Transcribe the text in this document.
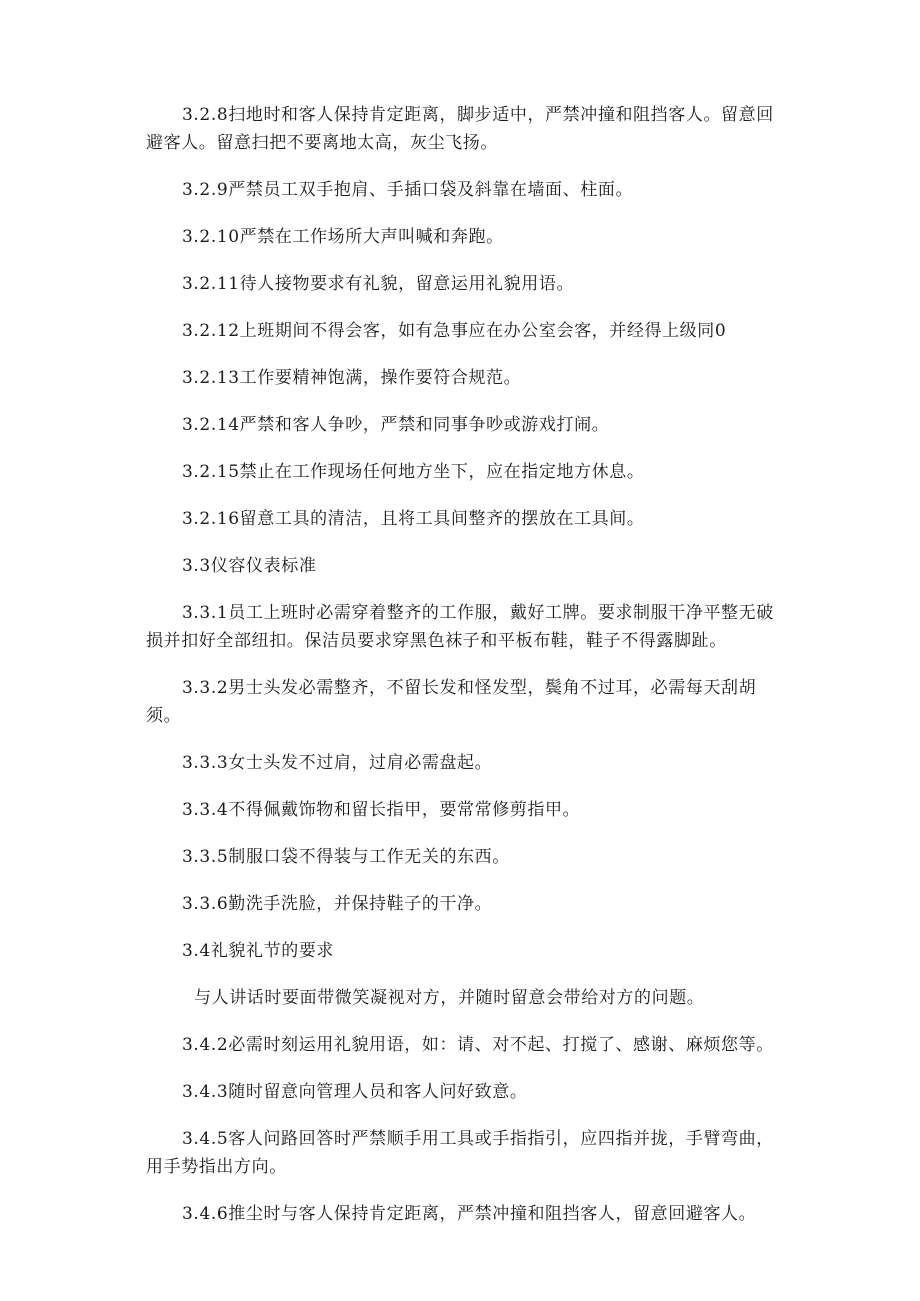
3.2.8扫地时和客人保持肯定距离，脚步适中，严禁冲撞和阻挡客人。留意回避客人。留意扫把不要离地太高，灰尘飞扬。

3.2.9严禁员工双手抱肩、手插口袋及斜靠在墙面、柱面。

3.2.10严禁在工作场所大声叫喊和奔跑。

3.2.11待人接物要求有礼貌，留意运用礼貌用语。

3.2.12上班期间不得会客，如有急事应在办公室会客，并经得上级同0

3.2.13工作要精神饱满，操作要符合规范。

3.2.14严禁和客人争吵，严禁和同事争吵或游戏打闹。

3.2.15禁止在工作现场任何地方坐下，应在指定地方休息。

3.2.16留意工具的清洁，且将工具间整齐的摆放在工具间。

3.3仪容仪表标准

3.3.1员工上班时必需穿着整齐的工作服，戴好工牌。要求制服干净平整无破损并扣好全部纽扣。保洁员要求穿黑色袜子和平板布鞋，鞋子不得露脚趾。

3.3.2男士头发必需整齐，不留长发和怪发型，鬓角不过耳，必需每天刮胡须。

3.3.3女士头发不过肩，过肩必需盘起。

3.3.4不得佩戴饰物和留长指甲，要常常修剪指甲。

3.3.5制服口袋不得装与工作无关的东西。

3.3.6勤洗手洗脸，并保持鞋子的干净。

3.4礼貌礼节的要求

与人讲话时要面带微笑凝视对方，并随时留意会带给对方的问题。

3.4.2必需时刻运用礼貌用语，如：请、对不起、打搅了、感谢、麻烦您等。

3.4.3随时留意向管理人员和客人问好致意。

3.4.5客人问路回答时严禁顺手用工具或手指指引，应四指并拢，手臂弯曲，用手势指出方向。

3.4.6推尘时与客人保持肯定距离，严禁冲撞和阻挡客人，留意回避客人。
